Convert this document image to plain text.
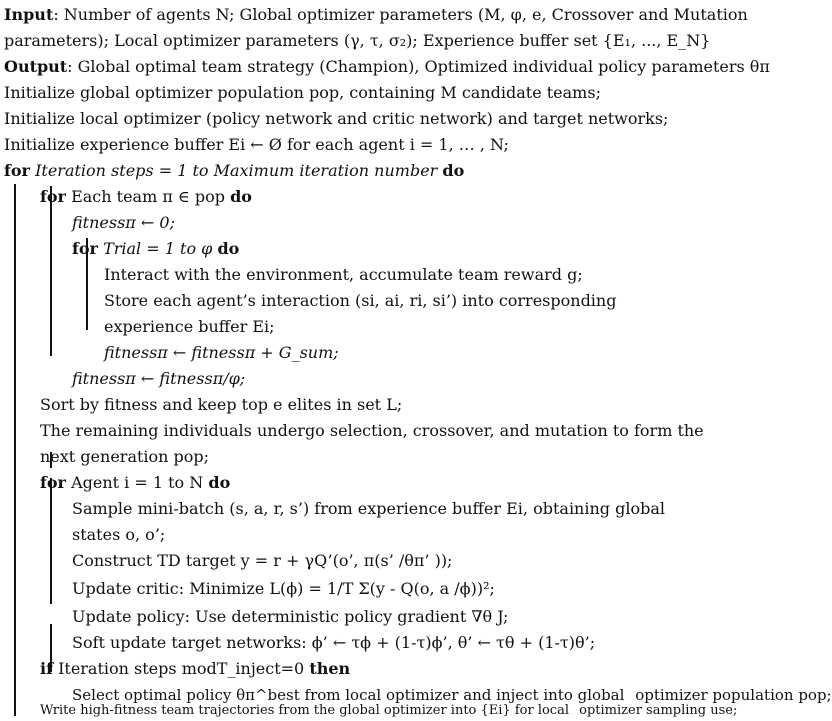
Input: Number of agents N; Global optimizer parameters (M, φ, e, Crossover and Mutation
parameters); Local optimizer parameters (γ, τ, σ₂); Experience buffer set {E₁, ..., E_N}
Output: Global optimal team strategy (Champion), Optimized individual policy parameters θπ
Initialize global optimizer population pop, containing M candidate teams;
Initialize local optimizer (policy network and critic network) and target networks;
Initialize experience buffer Ei ← Ø for each agent i = 1, … , N;
for Iteration steps = 1 to Maximum iteration number do
for Each team π ∈ pop do
fitnessπ ← 0;
for Trial = 1 to φ do
Interact with the environment, accumulate team reward g;
Store each agent’s interaction (si, ai, ri, si’) into corresponding
experience buffer Ei;
fitnessπ ← fitnessπ + G_sum;
fitnessπ ← fitnessπ/φ;
Sort by fitness and keep top e elites in set L;
The remaining individuals undergo selection, crossover, and mutation to form the
next generation pop;
for Agent i = 1 to N do
Sample mini-batch (s, a, r, s’) from experience buffer Ei, obtaining global
states o, o’;
Construct TD target y = r + γQ’(o’, π(s’ /θπ’ ));
Update critic: Minimize L(ϕ) = 1/T Σ(y - Q(o, a /ϕ))²;
Update policy: Use deterministic policy gradient ∇θ J;
Soft update target networks: ϕ’ ← τϕ + (1-τ)ϕ’, θ’ ← τθ + (1-τ)θ’;
if Iteration steps modT_inject=0 then
Select optimal policy θπ^best from local optimizer and inject into global optimizer population pop;
Write high-fitness team trajectories from the global optimizer into {Ei} for local optimizer sampling use;
